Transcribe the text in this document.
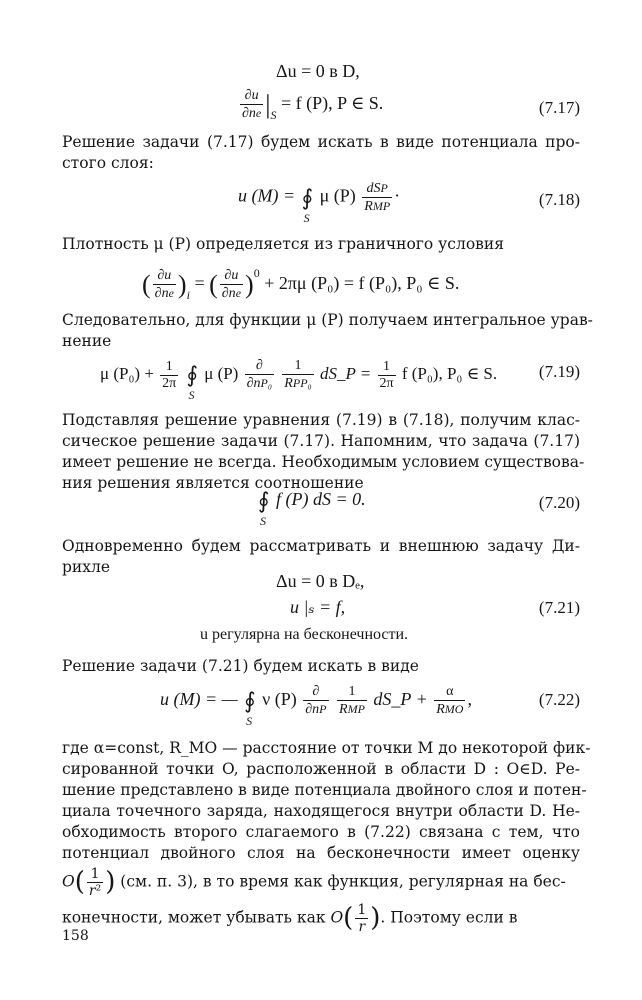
Δu = 0 в D,
$\frac{\partial u}{\partial ne} |_S = f$ (P), P ∈ S.	(7.17)
Решение задачи (7.17) будем искать в виде потенциала про-
стого слоя:
u (M) = ∮
S
μ $(P) \frac{\text{dSP}}{\text{RMP}}$ ·	(7.18)
Плотность μ (P) определяется из граничного условия
( $\frac{\partial u}{\partial ne} )_i$ = ( $\frac{\partial u}{\partial ne} )^0 + 2\pi\mu$ (P₀) = f (P₀), P₀ ∈ S.
Следовательно, для функции μ (P) получаем интегральное урав-
нение
μ $(P_0) + \frac{1}{2\pi}$ ∮
S
μ $(P) \frac{\partial}{\text{∂nP₀}}$
$\frac{1}{\text{RPP₀}}$ dS_P = $\frac{1}{2\pi}$ f (P₀), P₀ ∈ S. (7.19)
Подставляя решение уравнения (7.19) в (7.18), получим клас-
сическое решение задачи (7.17). Напомним, что задача (7.17)
имеет решение не всегда. Необходимым условием существова-
ния решения является соотношение
∮
S
f (P) dS = 0.	(7.20)
Одновременно будем рассматривать и внешнюю задачу Ди-
рихле
Δu = 0 в Dₑ,
u |ₛ = f,	(7.21)
u регулярна на бесконечности.
Решение задачи (7.21) будем искать в виде
u (M) = — ∮
S
ν $(P) \frac{\partial}{\partial nP}$
$\frac{1}{\text{RMP}}$ dS_P + $\frac{\alpha}{\text{RMO}}$ ,	(7.22)
где α=const, R_MO — расстояние от точки M до некоторой фик-
сированной точки O, расположенной в области D : O∈D. Ре-
шение представлено в виде потенциала двойного слоя и потен-
циала точечного заряда, находящегося внутри области D. Не-
обходимость второго слагаемого в (7.22) связана с тем, что
потенциал двойного слоя на бесконечности имеет оценку
$O( \frac{1}{\text{r²}}$ ) (см. п. 3), в то время как функция, регулярная на бес-
конечности, может убывать как $O( \frac{1}{r}$ ). Поэтому если в
158
